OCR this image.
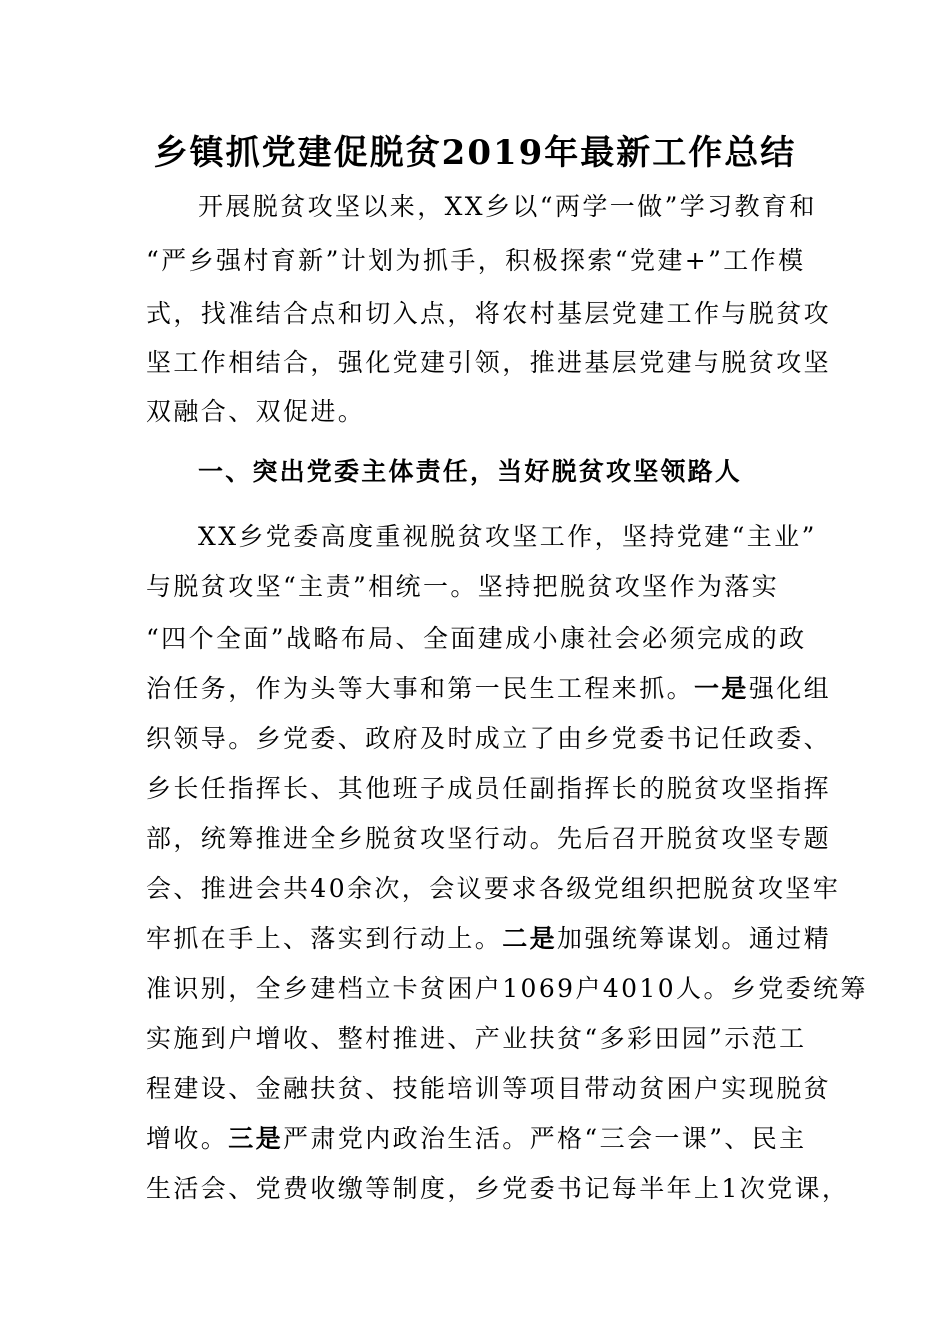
乡镇抓党建促脱贫2019年最新工作总结
开展脱贫攻坚以来，XX乡以“两学一做”学习教育和
“严乡强村育新”计划为抓手，积极探索“党建+”工作模
式，找准结合点和切入点，将农村基层党建工作与脱贫攻
坚工作相结合，强化党建引领，推进基层党建与脱贫攻坚
双融合、双促进。
一、突出党委主体责任，当好脱贫攻坚领路人
XX乡党委高度重视脱贫攻坚工作，坚持党建“主业”
与脱贫攻坚“主责”相统一。坚持把脱贫攻坚作为落实
“四个全面”战略布局、全面建成小康社会必须完成的政
治任务，作为头等大事和第一民生工程来抓。一是强化组
织领导。乡党委、政府及时成立了由乡党委书记任政委、
乡长任指挥长、其他班子成员任副指挥长的脱贫攻坚指挥
部，统筹推进全乡脱贫攻坚行动。先后召开脱贫攻坚专题
会、推进会共40余次，会议要求各级党组织把脱贫攻坚牢
牢抓在手上、落实到行动上。二是加强统筹谋划。通过精
准识别，全乡建档立卡贫困户1069户4010人。乡党委统筹
实施到户增收、整村推进、产业扶贫“多彩田园”示范工
程建设、金融扶贫、技能培训等项目带动贫困户实现脱贫
增收。三是严肃党内政治生活。严格“三会一课”、民主
生活会、党费收缴等制度，乡党委书记每半年上1次党课，
